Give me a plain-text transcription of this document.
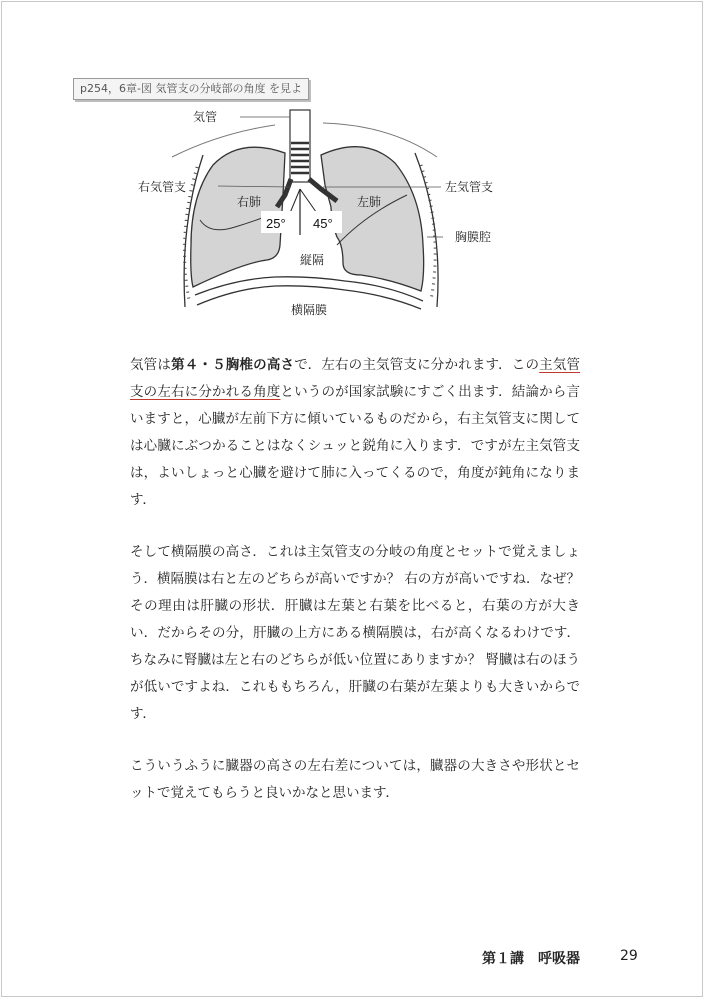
p254，6章-図 気管支の分岐部の角度 を見よ
気管
右気管支	左気管支
右肺	左肺
25° 45°
胸膜腔
縦隔
横隔膜

気管は第４・５胸椎の高さで．左右の主気管支に分かれます．この主気管支の左右に分かれる角度というのが国家試験にすごく出ます．結論から言いますと，心臓が左前下方に傾いているものだから，右主気管支に関しては心臓にぶつかることはなくシュッと鋭角に入ります．ですが左主気管支は，よいしょっと心臓を避けて肺に入ってくるので，角度が鈍角になります．

そして横隔膜の高さ．これは主気管支の分岐の角度とセットで覚えましょう．横隔膜は右と左のどちらが高いですか？ 右の方が高いですね．なぜ？ その理由は肝臓の形状．肝臓は左葉と右葉を比べると，右葉の方が大きい．だからその分，肝臓の上方にある横隔膜は，右が高くなるわけです．ちなみに腎臓は左と右のどちらが低い位置にありますか？ 腎臓は右のほうが低いですよね．これももちろん，肝臓の右葉が左葉よりも大きいからです．

こういうふうに臓器の高さの左右差については，臓器の大きさや形状とセットで覚えてもらうと良いかなと思います．

第１講　呼吸器	29
